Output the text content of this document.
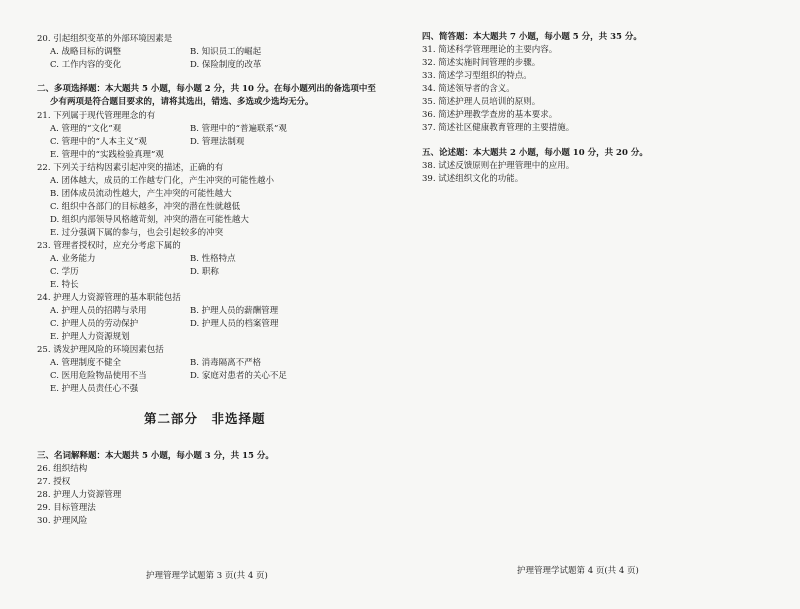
20. 引起组织变革的外部环境因素是
A. 战略目标的调整	B. 知识员工的崛起
C. 工作内容的变化	D. 保险制度的改革
二、多项选择题：本大题共 5 小题，每小题 2 分，共 10 分。在每小题列出的备选项中至
少有两项是符合题目要求的，请将其选出，错选、多选或少选均无分。
21. 下列属于现代管理理念的有
A. 管理的“文化”观	B. 管理中的“普遍联系”观
C. 管理中的“人本主义”观	D. 管理法制观
E. 管理中的“实践检验真理”观
22. 下列关于结构因素引起冲突的描述，正确的有
A. 团体越大，成员的工作越专门化，产生冲突的可能性越小
B. 团体成员流动性越大，产生冲突的可能性越大
C. 组织中各部门的目标越多，冲突的潜在性就越低
D. 组织内部领导风格越苛刻，冲突的潜在可能性越大
E. 过分强调下属的参与，也会引起较多的冲突
23. 管理者授权时，应充分考虑下属的
A. 业务能力	B. 性格特点
C. 学历	D. 职称
E. 特长
24. 护理人力资源管理的基本职能包括
A. 护理人员的招聘与录用	B. 护理人员的薪酬管理
C. 护理人员的劳动保护	D. 护理人员的档案管理
E. 护理人力资源规划
25. 诱发护理风险的环境因素包括
A. 管理制度不健全	B. 消毒隔离不严格
C. 医用危险物品使用不当	D. 家庭对患者的关心不足
E. 护理人员责任心不强
第二部分　非选择题
三、名词解释题：本大题共 5 小题，每小题 3 分，共 15 分。
26. 组织结构
27. 授权
28. 护理人力资源管理
29. 目标管理法
30. 护理风险
护理管理学试题第 3 页(共 4 页)
四、简答题：本大题共 7 小题，每小题 5 分，共 35 分。
31. 简述科学管理理论的主要内容。
32. 简述实施时间管理的步骤。
33. 简述学习型组织的特点。
34. 简述领导者的含义。
35. 简述护理人员培训的原则。
36. 简述护理教学查房的基本要求。
37. 简述社区健康教育管理的主要措施。
五、论述题：本大题共 2 小题，每小题 10 分，共 20 分。
38. 试述反馈原则在护理管理中的应用。
39. 试述组织文化的功能。
护理管理学试题第 4 页(共 4 页)
